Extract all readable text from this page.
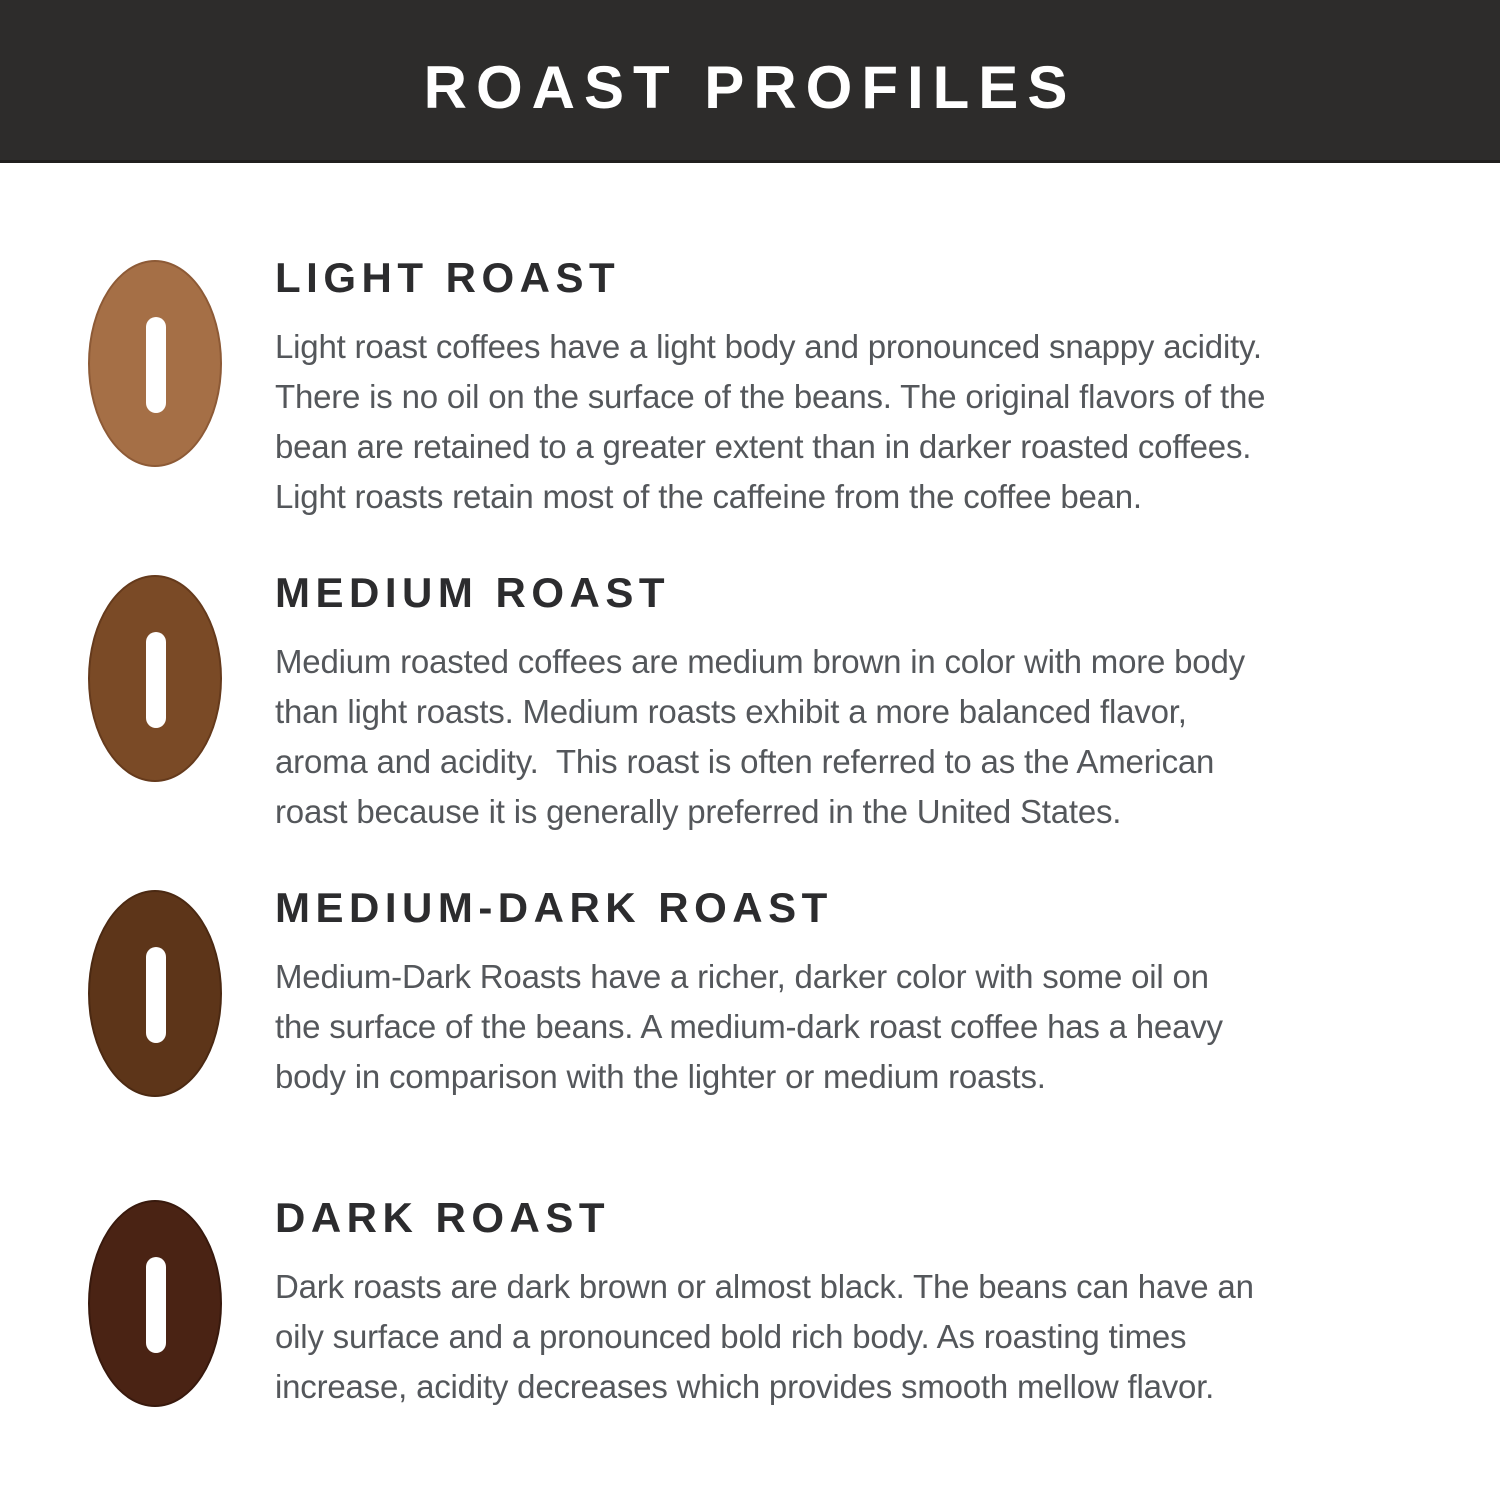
ROAST PROFILES
LIGHT ROAST
Light roast coffees have a light body and pronounced snappy acidity.
There is no oil on the surface of the beans. The original flavors of the
bean are retained to a greater extent than in darker roasted coffees.
Light roasts retain most of the caffeine from the coffee bean.
MEDIUM ROAST
Medium roasted coffees are medium brown in color with more body
than light roasts. Medium roasts exhibit a more balanced flavor,
aroma and acidity.  This roast is often referred to as the American
roast because it is generally preferred in the United States.
MEDIUM-DARK ROAST
Medium-Dark Roasts have a richer, darker color with some oil on
the surface of the beans. A medium-dark roast coffee has a heavy
body in comparison with the lighter or medium roasts.
DARK ROAST
Dark roasts are dark brown or almost black. The beans can have an
oily surface and a pronounced bold rich body. As roasting times
increase, acidity decreases which provides smooth mellow flavor.
